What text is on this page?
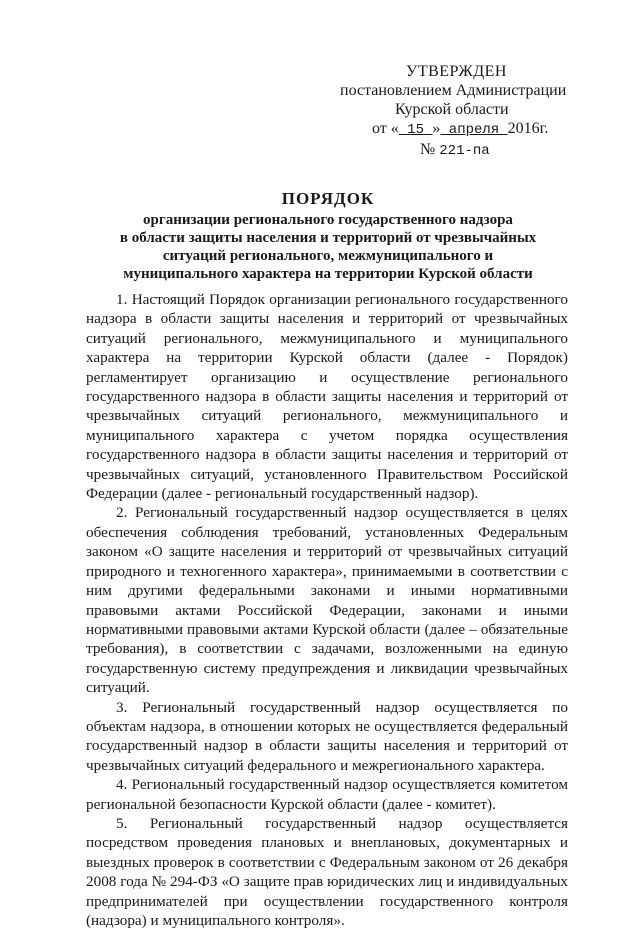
УТВЕРЖДЕН
постановлением Администрации
Курской области
от « 15 » апреля 2016г.
№ 221-па
ПОРЯДОК
организации регионального государственного надзора
в области защиты населения и территорий от чрезвычайных
ситуаций регионального, межмуниципального и
муниципального характера на территории Курской области

1. Настоящий Порядок организации регионального государственного надзора в области защиты населения и территорий от чрезвычайных ситуаций регионального, межмуниципального и муниципального характера на территории Курской области (далее - Порядок) регламентирует организацию и осуществление регионального государственного надзора в области защиты населения и территорий от чрезвычайных ситуаций регионального, межмуниципального и муниципального характера с учетом порядка осуществления государственного надзора в области защиты населения и территорий от чрезвычайных ситуаций, установленного Правительством Российской Федерации (далее - региональный государственный надзор).

2. Региональный государственный надзор осуществляется в целях обеспечения соблюдения требований, установленных Федеральным законом «О защите населения и территорий от чрезвычайных ситуаций природного и техногенного характера», принимаемыми в соответствии с ним другими федеральными законами и иными нормативными правовыми актами Российской Федерации, законами и иными нормативными правовыми актами Курской области (далее – обязательные требования), в соответствии с задачами, возложенными на единую государственную систему предупреждения и ликвидации чрезвычайных ситуаций.

3. Региональный государственный надзор осуществляется по объектам надзора, в отношении которых не осуществляется федеральный государственный надзор в области защиты населения и территорий от чрезвычайных ситуаций федерального и межрегионального характера.

4. Региональный государственный надзор осуществляется комитетом региональной безопасности Курской области (далее - комитет).

5. Региональный государственный надзор осуществляется посредством проведения плановых и внеплановых, документарных и выездных проверок в соответствии с Федеральным законом от 26 декабря 2008 года № 294-ФЗ «О защите прав юридических лиц и индивидуальных предпринимателей при осуществлении государственного контроля (надзора) и муниципального контроля».
